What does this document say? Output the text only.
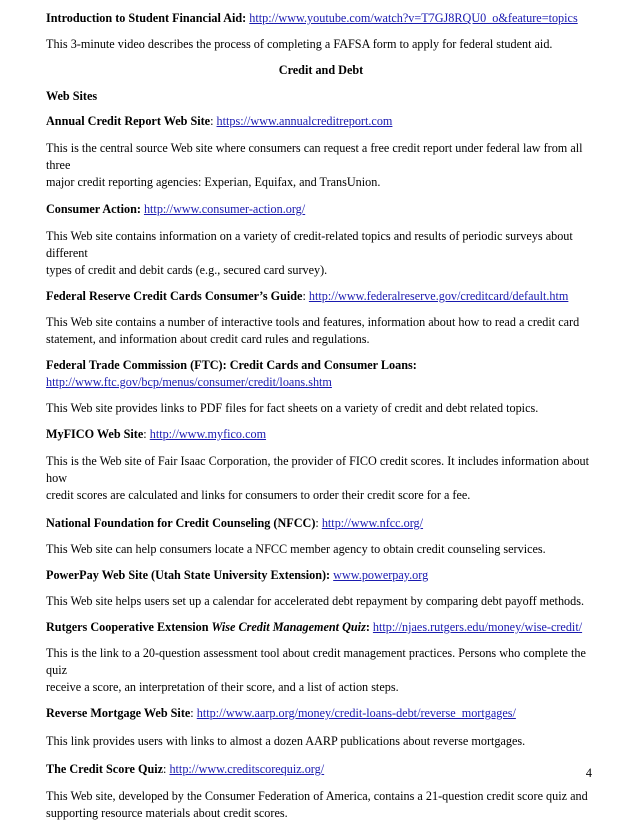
Introduction to Student Financial Aid: http://www.youtube.com/watch?v=T7GJ8RQU0_o&feature=topics

This 3-minute video describes the process of completing a FAFSA form to apply for federal student aid.

Credit and Debt

Web Sites

Annual Credit Report Web Site: https://www.annualcreditreport.com

This is the central source Web site where consumers can request a free credit report under federal law from all three
major credit reporting agencies: Experian, Equifax, and TransUnion.

Consumer Action: http://www.consumer-action.org/

This Web site contains information on a variety of credit-related topics and results of periodic surveys about different
types of credit and debit cards (e.g., secured card survey).

Federal Reserve Credit Cards Consumer’s Guide: http://www.federalreserve.gov/creditcard/default.htm

This Web site contains a number of interactive tools and features, information about how to read a credit card
statement, and information about credit card rules and regulations.

Federal Trade Commission (FTC): Credit Cards and Consumer Loans:
http://www.ftc.gov/bcp/menus/consumer/credit/loans.shtm

This Web site provides links to PDF files for fact sheets on a variety of credit and debt related topics.

MyFICO Web Site: http://www.myfico.com

This is the Web site of Fair Isaac Corporation, the provider of FICO credit scores. It includes information about how
credit scores are calculated and links for consumers to order their credit score for a fee.

National Foundation for Credit Counseling (NFCC): http://www.nfcc.org/

This Web site can help consumers locate a NFCC member agency to obtain credit counseling services.

PowerPay Web Site (Utah State University Extension): www.powerpay.org

This Web site helps users set up a calendar for accelerated debt repayment by comparing debt payoff methods.

Rutgers Cooperative Extension Wise Credit Management Quiz: http://njaes.rutgers.edu/money/wise-credit/

This is the link to a 20-question assessment tool about credit management practices. Persons who complete the quiz
receive a score, an interpretation of their score, and a list of action steps.

Reverse Mortgage Web Site: http://www.aarp.org/money/credit-loans-debt/reverse_mortgages/

This link provides users with links to almost a dozen AARP publications about reverse mortgages.

The Credit Score Quiz: http://www.creditscorequiz.org/

This Web site, developed by the Consumer Federation of America, contains a 21-question credit score quiz and
supporting resource materials about credit scores.

4
